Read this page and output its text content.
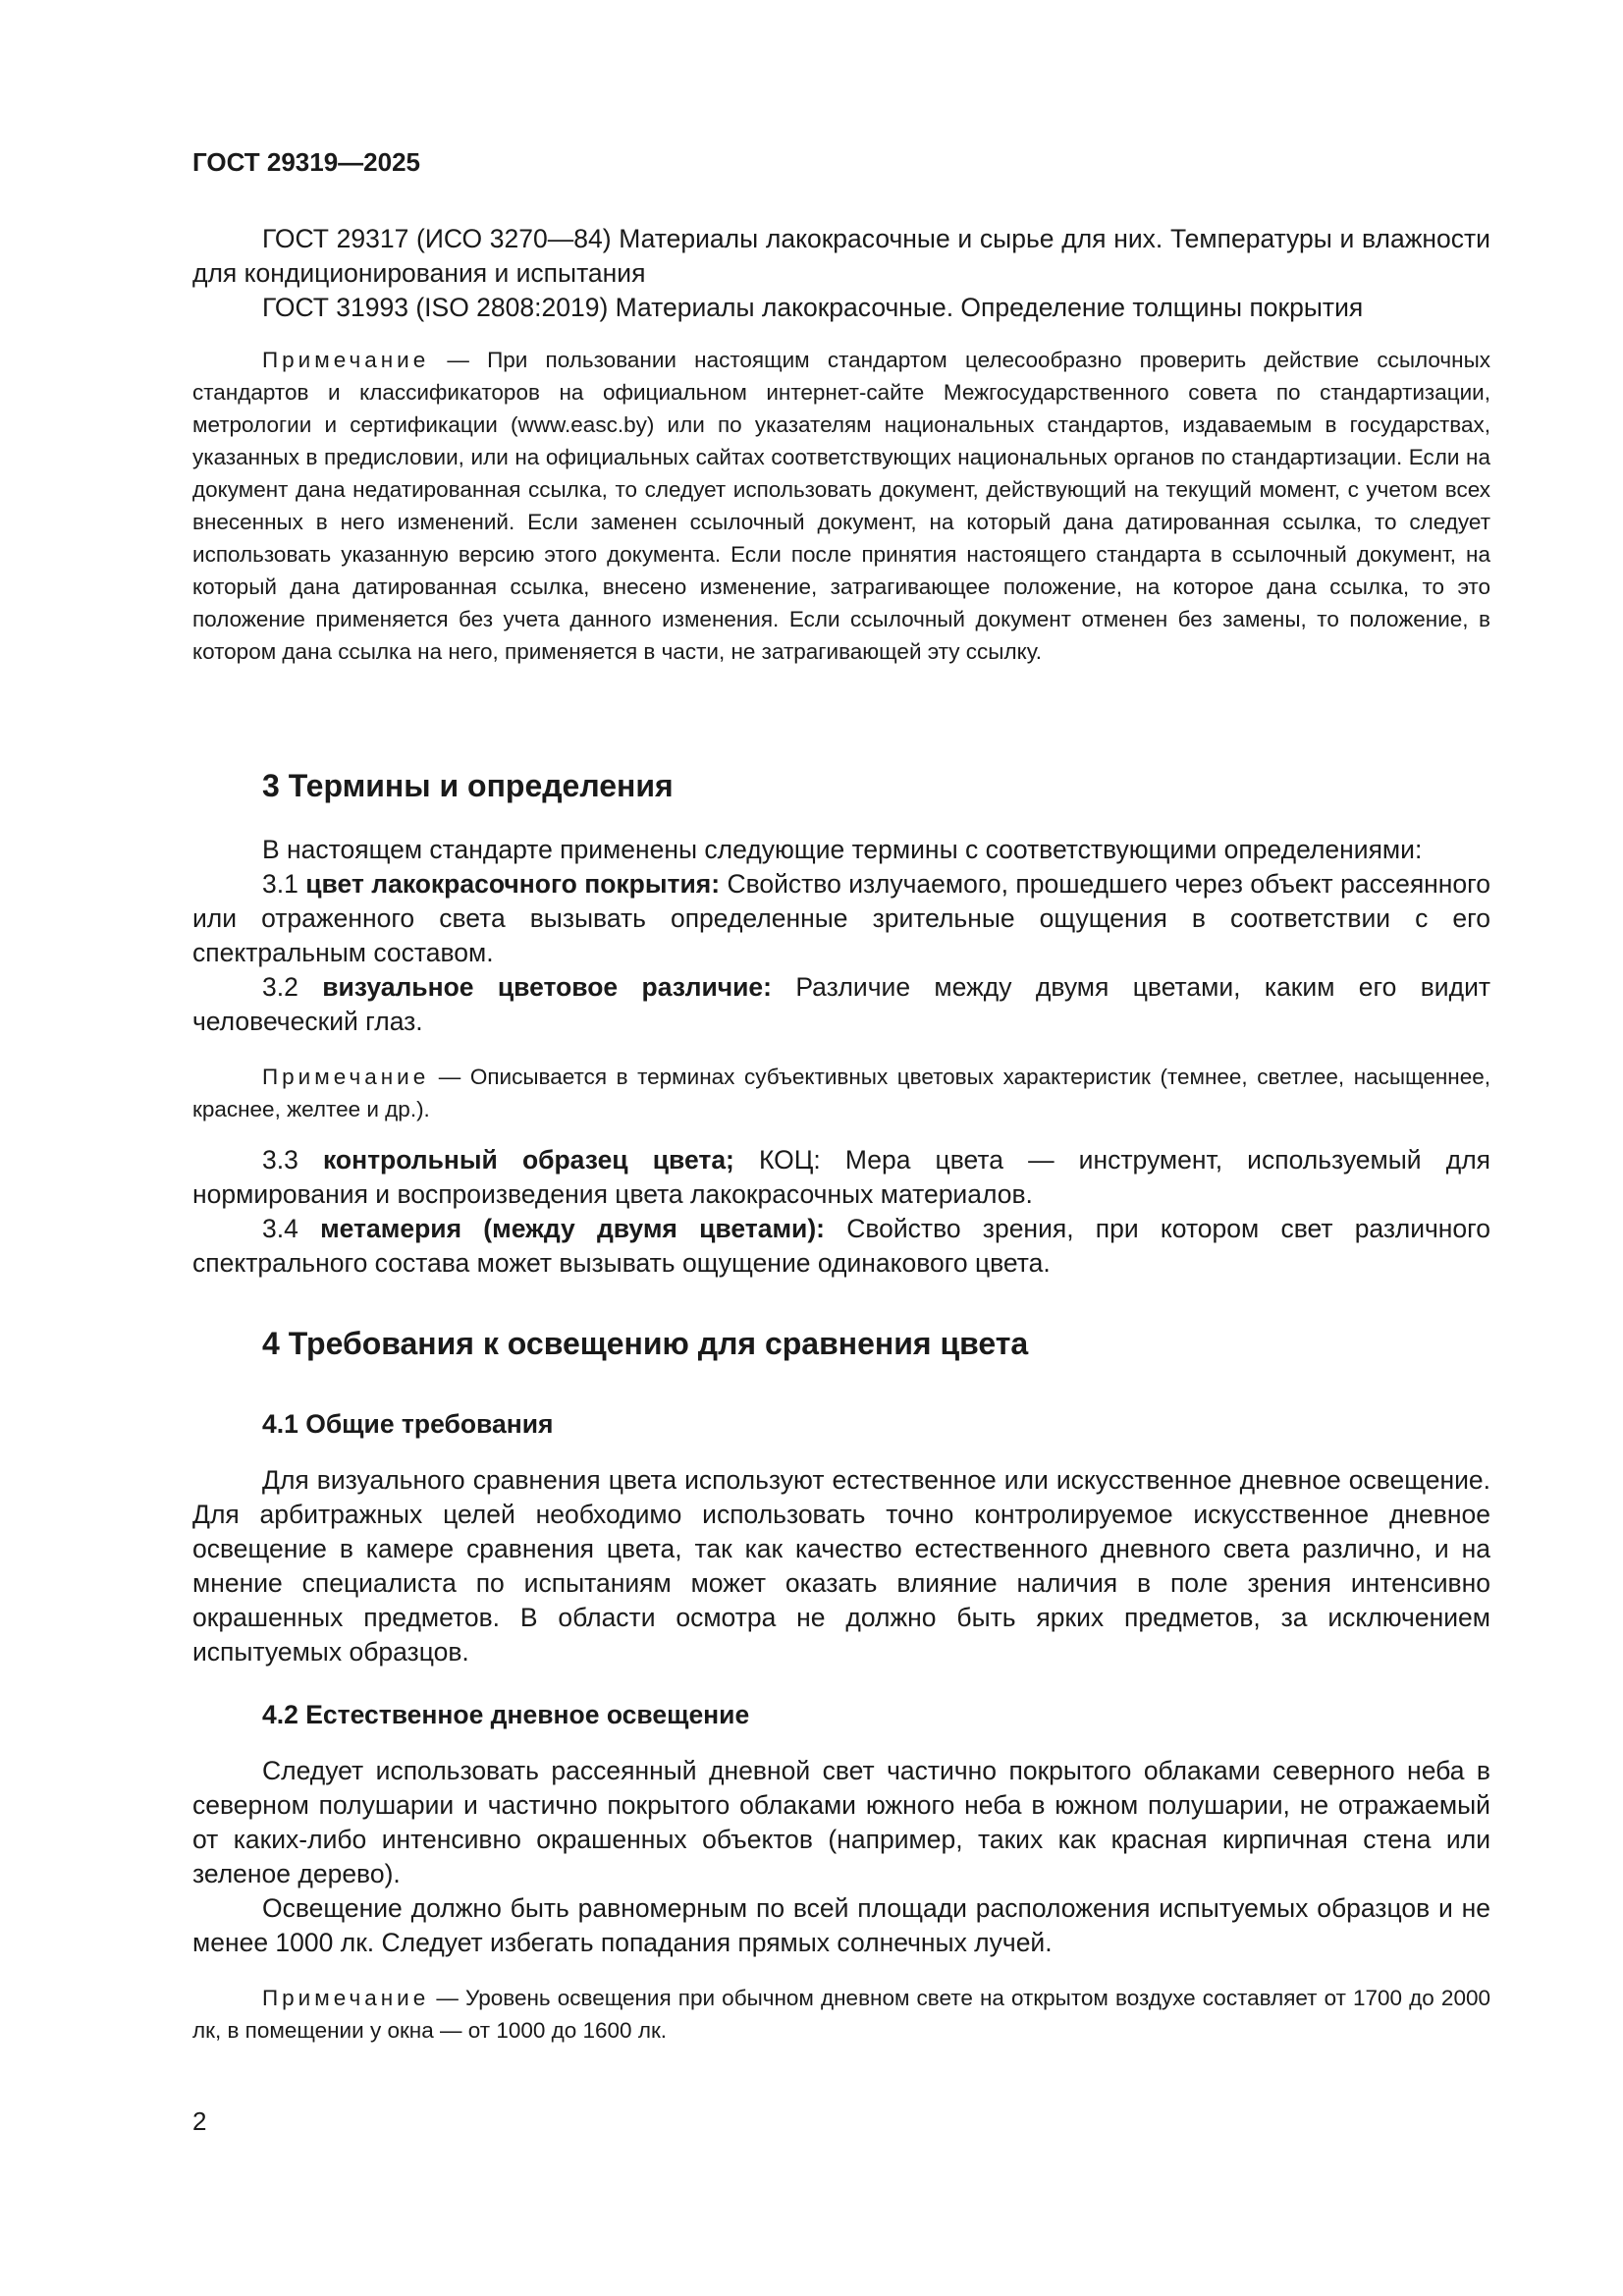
ГОСТ 29319—2025

ГОСТ 29317 (ИСО 3270—84) Материалы лакокрасочные и сырье для них. Температуры и влажности для кондиционирования и испытания

ГОСТ 31993 (ISO 2808:2019) Материалы лакокрасочные. Определение толщины покрытия

Примечание — При пользовании настоящим стандартом целесообразно проверить действие ссылочных стандартов и классификаторов на официальном интернет-сайте Межгосударственного совета по стандартизации, метрологии и сертификации (www.easc.by) или по указателям национальных стандартов, издаваемым в государствах, указанных в предисловии, или на официальных сайтах соответствующих национальных органов по стандартизации. Если на документ дана недатированная ссылка, то следует использовать документ, действующий на текущий момент, с учетом всех внесенных в него изменений. Если заменен ссылочный документ, на который дана датированная ссылка, то следует использовать указанную версию этого документа. Если после принятия настоящего стандарта в ссылочный документ, на который дана датированная ссылка, внесено изменение, затрагивающее положение, на которое дана ссылка, то это положение применяется без учета данного изменения. Если ссылочный документ отменен без замены, то положение, в котором дана ссылка на него, применяется в части, не затрагивающей эту ссылку.

3 Термины и определения

В настоящем стандарте применены следующие термины с соответствующими определениями:

3.1 цвет лакокрасочного покрытия: Свойство излучаемого, прошедшего через объект рассеянного или отраженного света вызывать определенные зрительные ощущения в соответствии с его спектральным составом.

3.2 визуальное цветовое различие: Различие между двумя цветами, каким его видит человеческий глаз.

Примечание — Описывается в терминах субъективных цветовых характеристик (темнее, светлее, насыщеннее, краснее, желтее и др.).

3.3 контрольный образец цвета; КОЦ: Мера цвета — инструмент, используемый для нормирования и воспроизведения цвета лакокрасочных материалов.

3.4 метамерия (между двумя цветами): Свойство зрения, при котором свет различного спектрального состава может вызывать ощущение одинакового цвета.

4 Требования к освещению для сравнения цвета
4.1 Общие требования

Для визуального сравнения цвета используют естественное или искусственное дневное освещение. Для арбитражных целей необходимо использовать точно контролируемое искусственное дневное освещение в камере сравнения цвета, так как качество естественного дневного света различно, и на мнение специалиста по испытаниям может оказать влияние наличия в поле зрения интенсивно окрашенных предметов. В области осмотра не должно быть ярких предметов, за исключением испытуемых образцов.

4.2 Естественное дневное освещение

Следует использовать рассеянный дневной свет частично покрытого облаками северного неба в северном полушарии и частично покрытого облаками южного неба в южном полушарии, не отражаемый от каких-либо интенсивно окрашенных объектов (например, таких как красная кирпичная стена или зеленое дерево).

Освещение должно быть равномерным по всей площади расположения испытуемых образцов и не менее 1000 лк. Следует избегать попадания прямых солнечных лучей.

Примечание — Уровень освещения при обычном дневном свете на открытом воздухе составляет от 1700 до 2000 лк, в помещении у окна — от 1000 до 1600 лк.

2
